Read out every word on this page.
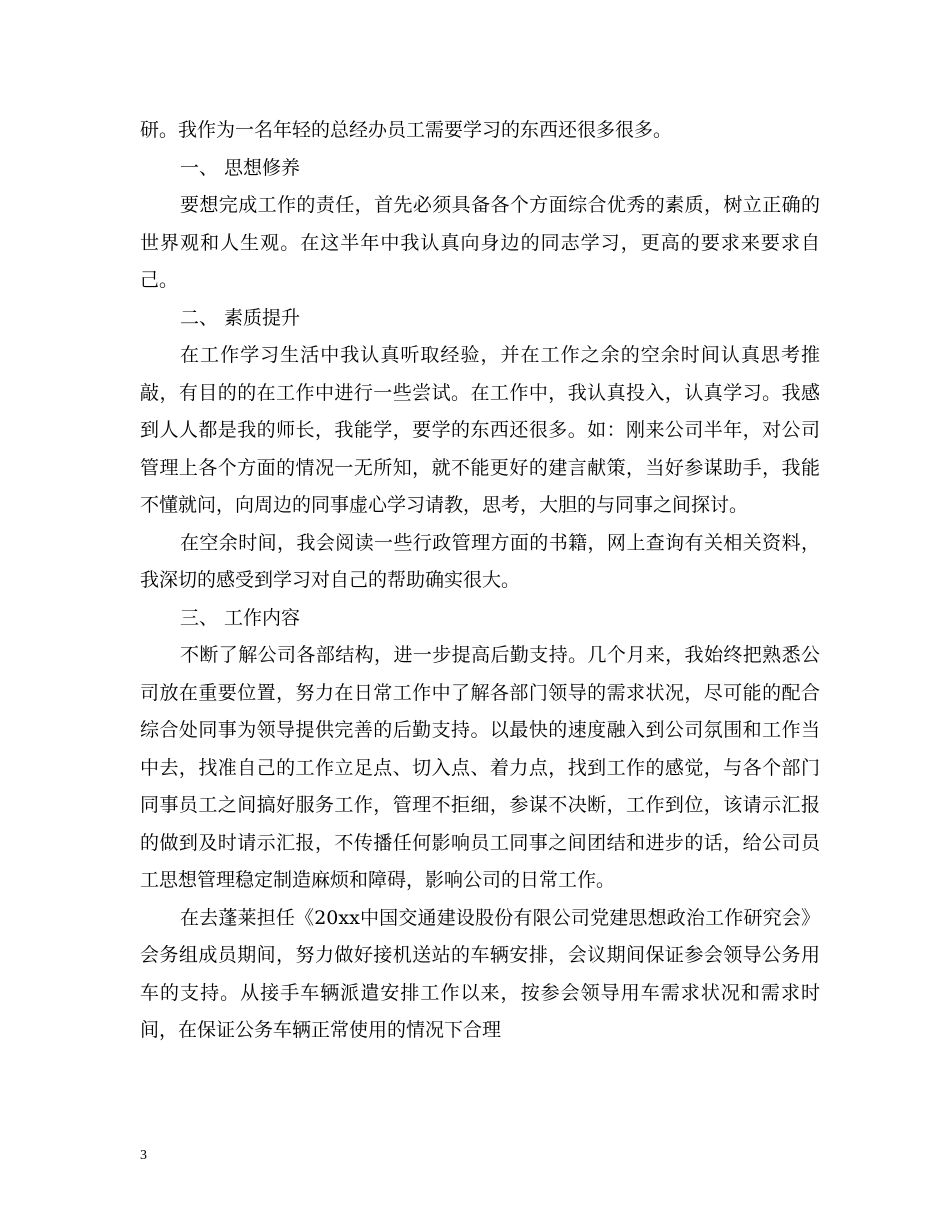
研。我作为一名年轻的总经办员工需要学习的东西还很多很多。

一、 思想修养

要想完成工作的责任，首先必须具备各个方面综合优秀的素质，树立正确的世界观和人生观。在这半年中我认真向身边的同志学习，更高的要求来要求自己。

二、 素质提升

在工作学习生活中我认真听取经验，并在工作之余的空余时间认真思考推敲，有目的的在工作中进行一些尝试。在工作中，我认真投入，认真学习。我感到人人都是我的师长，我能学，要学的东西还很多。如：刚来公司半年，对公司管理上各个方面的情况一无所知，就不能更好的建言献策，当好参谋助手，我能不懂就问，向周边的同事虚心学习请教，思考，大胆的与同事之间探讨。

在空余时间，我会阅读一些行政管理方面的书籍，网上查询有关相关资料，我深切的感受到学习对自己的帮助确实很大。

三、 工作内容

不断了解公司各部结构，进一步提高后勤支持。几个月来，我始终把熟悉公司放在重要位置，努力在日常工作中了解各部门领导的需求状况，尽可能的配合综合处同事为领导提供完善的后勤支持。以最快的速度融入到公司氛围和工作当中去，找准自己的工作立足点、切入点、着力点，找到工作的感觉，与各个部门同事员工之间搞好服务工作，管理不拒细，参谋不决断，工作到位，该请示汇报的做到及时请示汇报，不传播任何影响员工同事之间团结和进步的话，给公司员工思想管理稳定制造麻烦和障碍，影响公司的日常工作。

在去蓬莱担任《20xx中国交通建设股份有限公司党建思想政治工作研究会》会务组成员期间，努力做好接机送站的车辆安排，会议期间保证参会领导公务用车的支持。从接手车辆派遣安排工作以来，按参会领导用车需求状况和需求时间，在保证公务车辆正常使用的情况下合理

3
